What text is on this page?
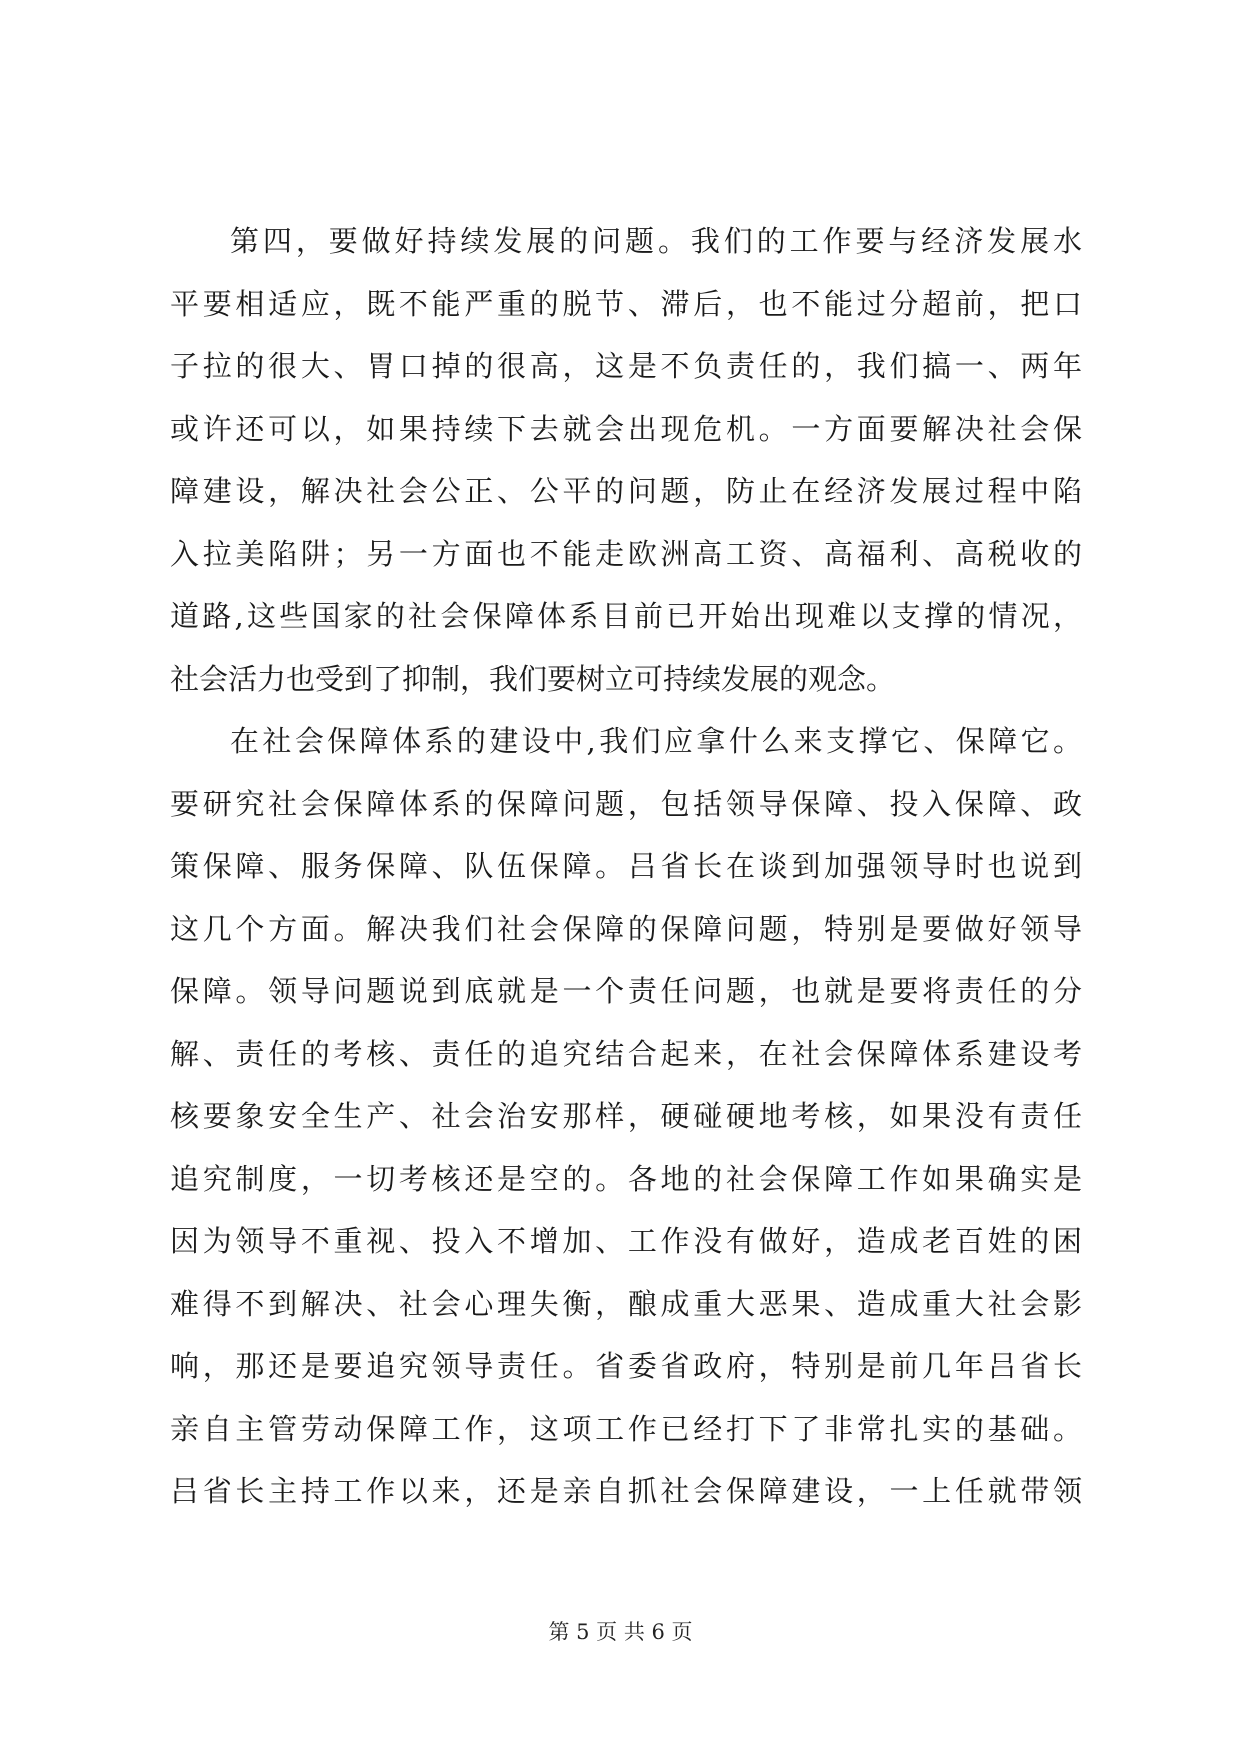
第四，要做好持续发展的问题。我们的工作要与经济发展水
平要相适应，既不能严重的脱节、滞后，也不能过分超前，把口
子拉的很大、胃口掉的很高，这是不负责任的，我们搞一、两年
或许还可以，如果持续下去就会出现危机。一方面要解决社会保
障建设，解决社会公正、公平的问题，防止在经济发展过程中陷
入拉美陷阱；另一方面也不能走欧洲高工资、高福利、高税收的
道路,这些国家的社会保障体系目前已开始出现难以支撑的情况，
社会活力也受到了抑制，我们要树立可持续发展的观念。
在社会保障体系的建设中,我们应拿什么来支撑它、保障它。
要研究社会保障体系的保障问题，包括领导保障、投入保障、政
策保障、服务保障、队伍保障。吕省长在谈到加强领导时也说到
这几个方面。解决我们社会保障的保障问题，特别是要做好领导
保障。领导问题说到底就是一个责任问题，也就是要将责任的分
解、责任的考核、责任的追究结合起来，在社会保障体系建设考
核要象安全生产、社会治安那样，硬碰硬地考核，如果没有责任
追究制度，一切考核还是空的。各地的社会保障工作如果确实是
因为领导不重视、投入不增加、工作没有做好，造成老百姓的困
难得不到解决、社会心理失衡，酿成重大恶果、造成重大社会影
响，那还是要追究领导责任。省委省政府，特别是前几年吕省长
亲自主管劳动保障工作，这项工作已经打下了非常扎实的基础。
吕省长主持工作以来，还是亲自抓社会保障建设，一上任就带领
第 5 页 共 6 页
